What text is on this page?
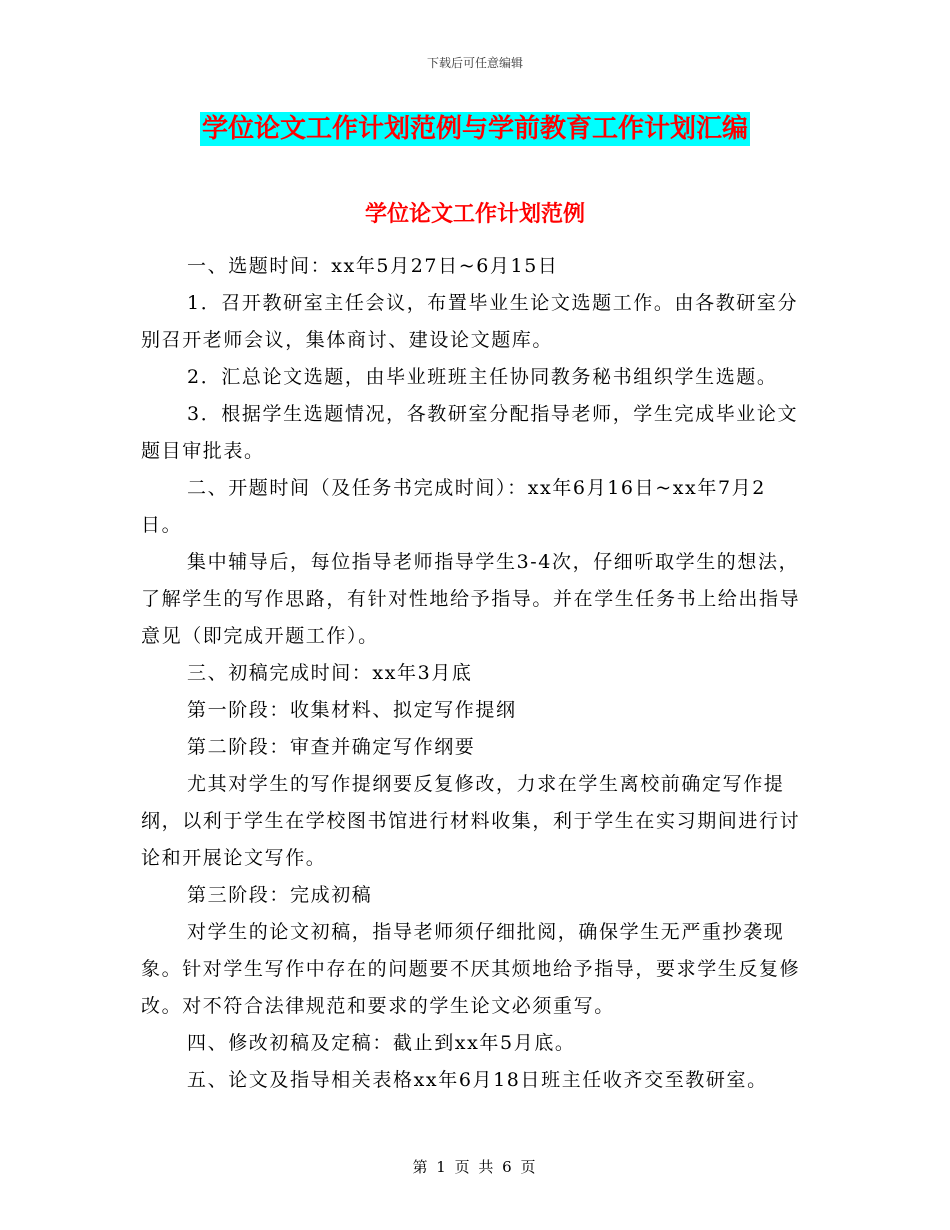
下载后可任意编辑
学位论文工作计划范例与学前教育工作计划汇编
学位论文工作计划范例

一、选题时间：xx年5月27日~6月15日

1．召开教研室主任会议，布置毕业生论文选题工作。由各教研室分别召开老师会议，集体商讨、建设论文题库。

2．汇总论文选题，由毕业班班主任协同教务秘书组织学生选题。

3．根据学生选题情况，各教研室分配指导老师，学生完成毕业论文题目审批表。

二、开题时间（及任务书完成时间）：xx年6月16日~xx年7月2日。

集中辅导后，每位指导老师指导学生3-4次，仔细听取学生的想法，了解学生的写作思路，有针对性地给予指导。并在学生任务书上给出指导意见（即完成开题工作）。

三、初稿完成时间：xx年3月底

第一阶段：收集材料、拟定写作提纲

第二阶段：审查并确定写作纲要

尤其对学生的写作提纲要反复修改，力求在学生离校前确定写作提纲，以利于学生在学校图书馆进行材料收集，利于学生在实习期间进行讨论和开展论文写作。

第三阶段：完成初稿

对学生的论文初稿，指导老师须仔细批阅，确保学生无严重抄袭现象。针对学生写作中存在的问题要不厌其烦地给予指导，要求学生反复修改。对不符合法律规范和要求的学生论文必须重写。

四、修改初稿及定稿：截止到xx年5月底。

五、论文及指导相关表格xx年6月18日班主任收齐交至教研室。

第 1 页 共 6 页
